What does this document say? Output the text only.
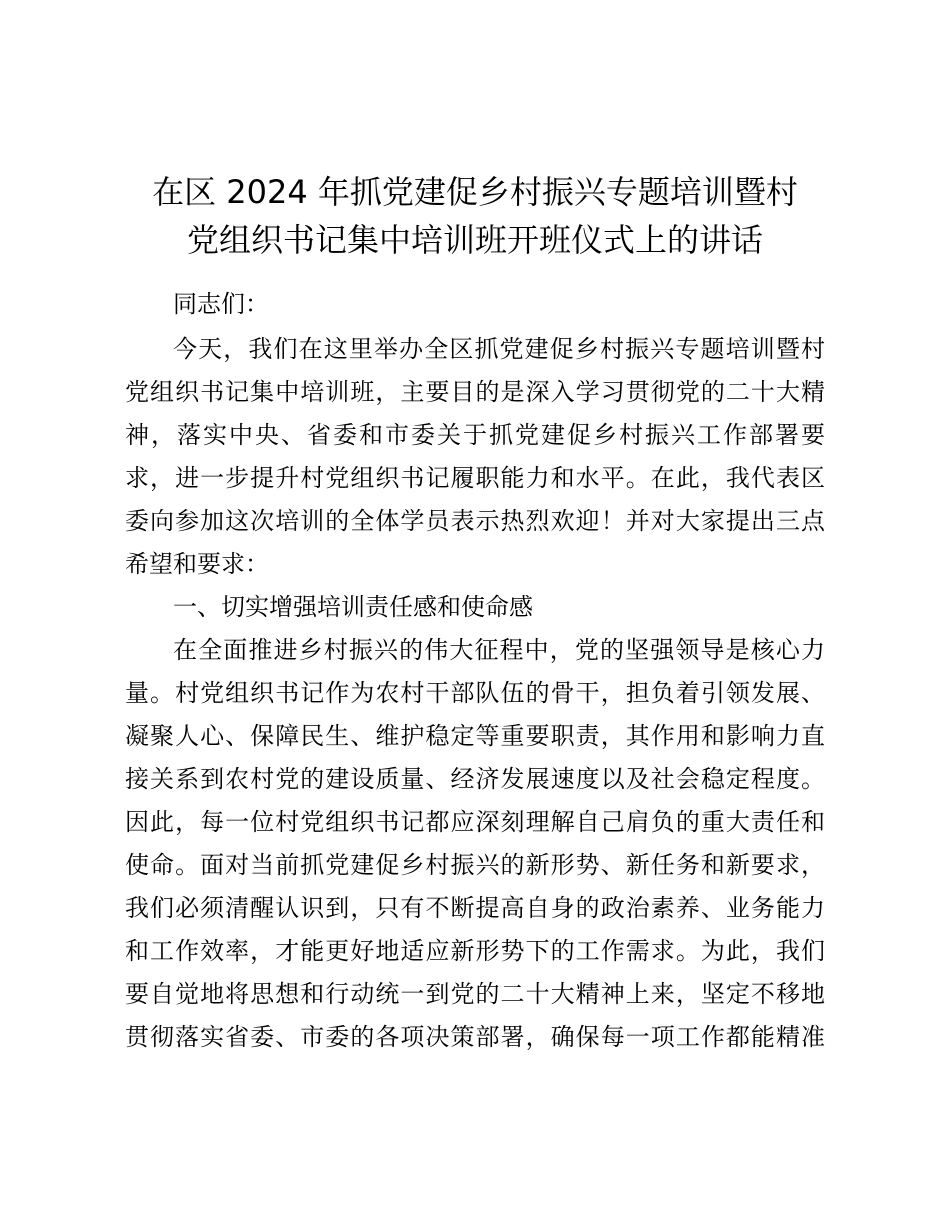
在区 2024 年抓党建促乡村振兴专题培训暨村
党组织书记集中培训班开班仪式上的讲话
同志们：
今天，我们在这里举办全区抓党建促乡村振兴专题培训暨村
党组织书记集中培训班，主要目的是深入学习贯彻党的二十大精
神，落实中央、省委和市委关于抓党建促乡村振兴工作部署要
求，进一步提升村党组织书记履职能力和水平。在此，我代表区
委向参加这次培训的全体学员表示热烈欢迎！并对大家提出三点
希望和要求：
一、切实增强培训责任感和使命感
在全面推进乡村振兴的伟大征程中，党的坚强领导是核心力
量。村党组织书记作为农村干部队伍的骨干，担负着引领发展、
凝聚人心、保障民生、维护稳定等重要职责，其作用和影响力直
接关系到农村党的建设质量、经济发展速度以及社会稳定程度。
因此，每一位村党组织书记都应深刻理解自己肩负的重大责任和
使命。面对当前抓党建促乡村振兴的新形势、新任务和新要求，
我们必须清醒认识到，只有不断提高自身的政治素养、业务能力
和工作效率，才能更好地适应新形势下的工作需求。为此，我们
要自觉地将思想和行动统一到党的二十大精神上来，坚定不移地
贯彻落实省委、市委的各项决策部署，确保每一项工作都能精准
